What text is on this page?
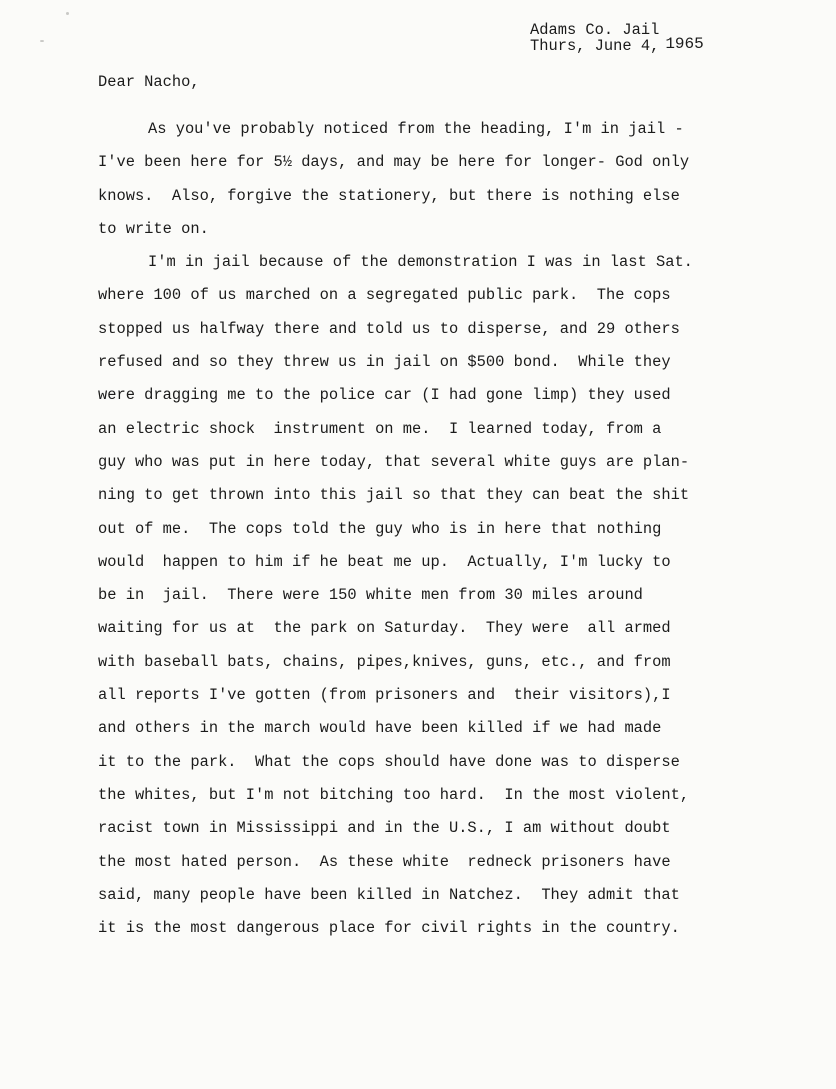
Adams Co. Jail
Thurs, June 4, 1965
Dear Nacho,
As you've probably noticed from the heading, I'm in jail -
I've been here for 5½ days, and may be here for longer- God only
knows.  Also, forgive the stationery, but there is nothing else
to write on.
I'm in jail because of the demonstration I was in last Sat.
where 100 of us marched on a segregated public park.  The cops
stopped us halfway there and told us to disperse, and 29 others
refused and so they threw us in jail on $500 bond.  While they
were dragging me to the police car (I had gone limp) they used
an electric shock  instrument on me.  I learned today, from a
guy who was put in here today, that several white guys are plan-
ning to get thrown into this jail so that they can beat the shit
out of me.  The cops told the guy who is in here that nothing
would  happen to him if he beat me up.  Actually, I'm lucky to
be in  jail.  There were 150 white men from 30 miles around
waiting for us at  the park on Saturday.  They were  all armed
with baseball bats, chains, pipes,knives, guns, etc., and from
all reports I've gotten (from prisoners and  their visitors),I
and others in the march would have been killed if we had made
it to the park.  What the cops should have done was to disperse
the whites, but I'm not bitching too hard.  In the most violent,
racist town in Mississippi and in the U.S., I am without doubt
the most hated person.  As these white  redneck prisoners have
said, many people have been killed in Natchez.  They admit that
it is the most dangerous place for civil rights in the country.
